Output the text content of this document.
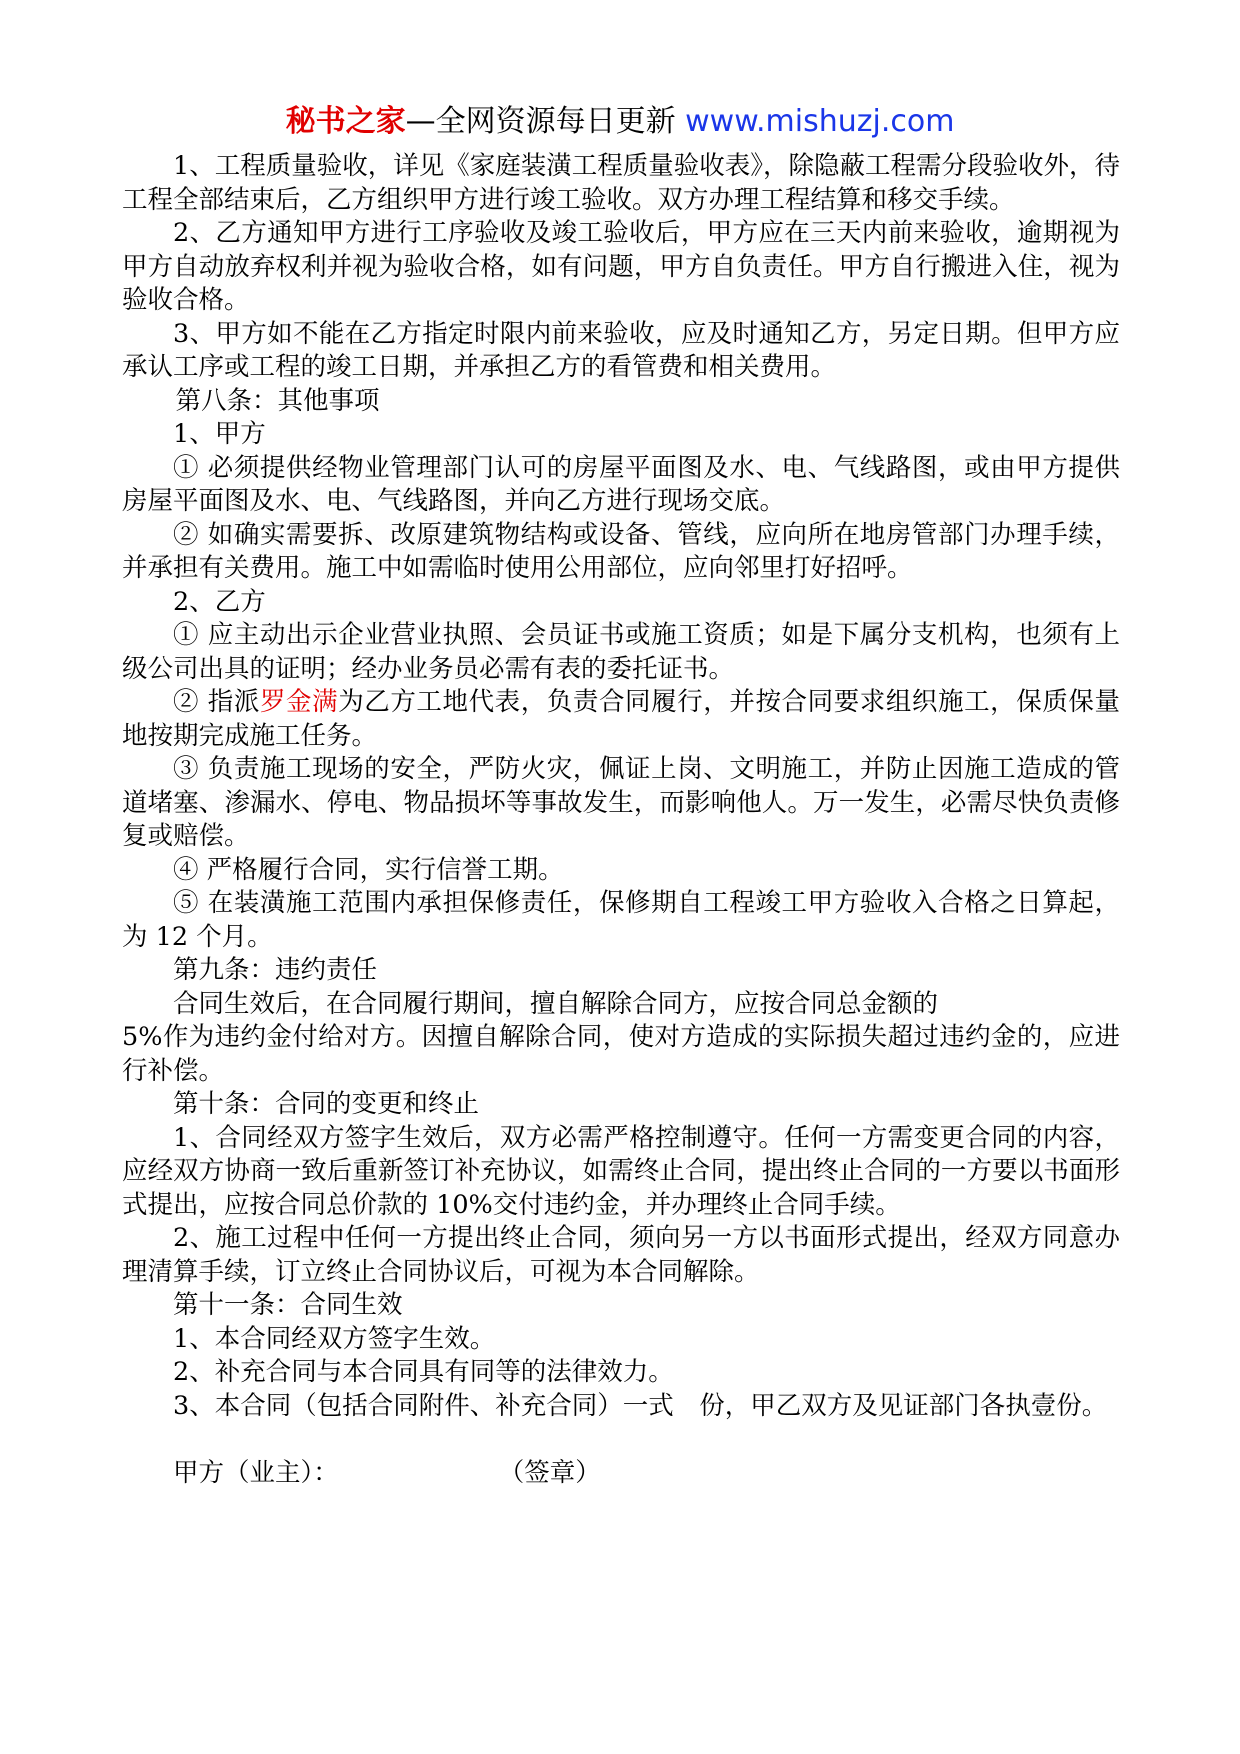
秘书之家—全网资源每日更新 www.mishuzj.com

1、工程质量验收，详见《家庭装潢工程质量验收表》，除隐蔽工程需分段验收外，待工程全部结束后，乙方组织甲方进行竣工验收。双方办理工程结算和移交手续。

2、乙方通知甲方进行工序验收及竣工验收后，甲方应在三天内前来验收，逾期视为甲方自动放弃权利并视为验收合格，如有问题，甲方自负责任。甲方自行搬进入住，视为验收合格。

3、甲方如不能在乙方指定时限内前来验收，应及时通知乙方，另定日期。但甲方应承认工序或工程的竣工日期，并承担乙方的看管费和相关费用。

第八条：其他事项

1、甲方

① 必须提供经物业管理部门认可的房屋平面图及水、电、气线路图，或由甲方提供房屋平面图及水、电、气线路图，并向乙方进行现场交底。

② 如确实需要拆、改原建筑物结构或设备、管线，应向所在地房管部门办理手续，并承担有关费用。施工中如需临时使用公用部位，应向邻里打好招呼。

2、乙方

① 应主动出示企业营业执照、会员证书或施工资质；如是下属分支机构，也须有上级公司出具的证明；经办业务员必需有表的委托证书。

② 指派罗金满为乙方工地代表，负责合同履行，并按合同要求组织施工，保质保量地按期完成施工任务。

③ 负责施工现场的安全，严防火灾，佩证上岗、文明施工，并防止因施工造成的管道堵塞、渗漏水、停电、物品损坏等事故发生，而影响他人。万一发生，必需尽快负责修复或赔偿。

④ 严格履行合同，实行信誉工期。

⑤ 在装潢施工范围内承担保修责任，保修期自工程竣工甲方验收入合格之日算起，为 12 个月。

第九条：违约责任

合同生效后，在合同履行期间，擅自解除合同方，应按合同总金额的

5%作为违约金付给对方。因擅自解除合同，使对方造成的实际损失超过违约金的，应进行补偿。

第十条：合同的变更和终止

1、合同经双方签字生效后，双方必需严格控制遵守。任何一方需变更合同的内容，应经双方协商一致后重新签订补充协议，如需终止合同，提出终止合同的一方要以书面形式提出，应按合同总价款的 10%交付违约金，并办理终止合同手续。

2、施工过程中任何一方提出终止合同，须向另一方以书面形式提出，经双方同意办理清算手续，订立终止合同协议后，可视为本合同解除。

第十一条：合同生效

1、本合同经双方签字生效。

2、补充合同与本合同具有同等的法律效力。

3、本合同（包括合同附件、补充合同）一式　份，甲乙双方及见证部门各执壹份。

甲方（业主）：	（签章）
